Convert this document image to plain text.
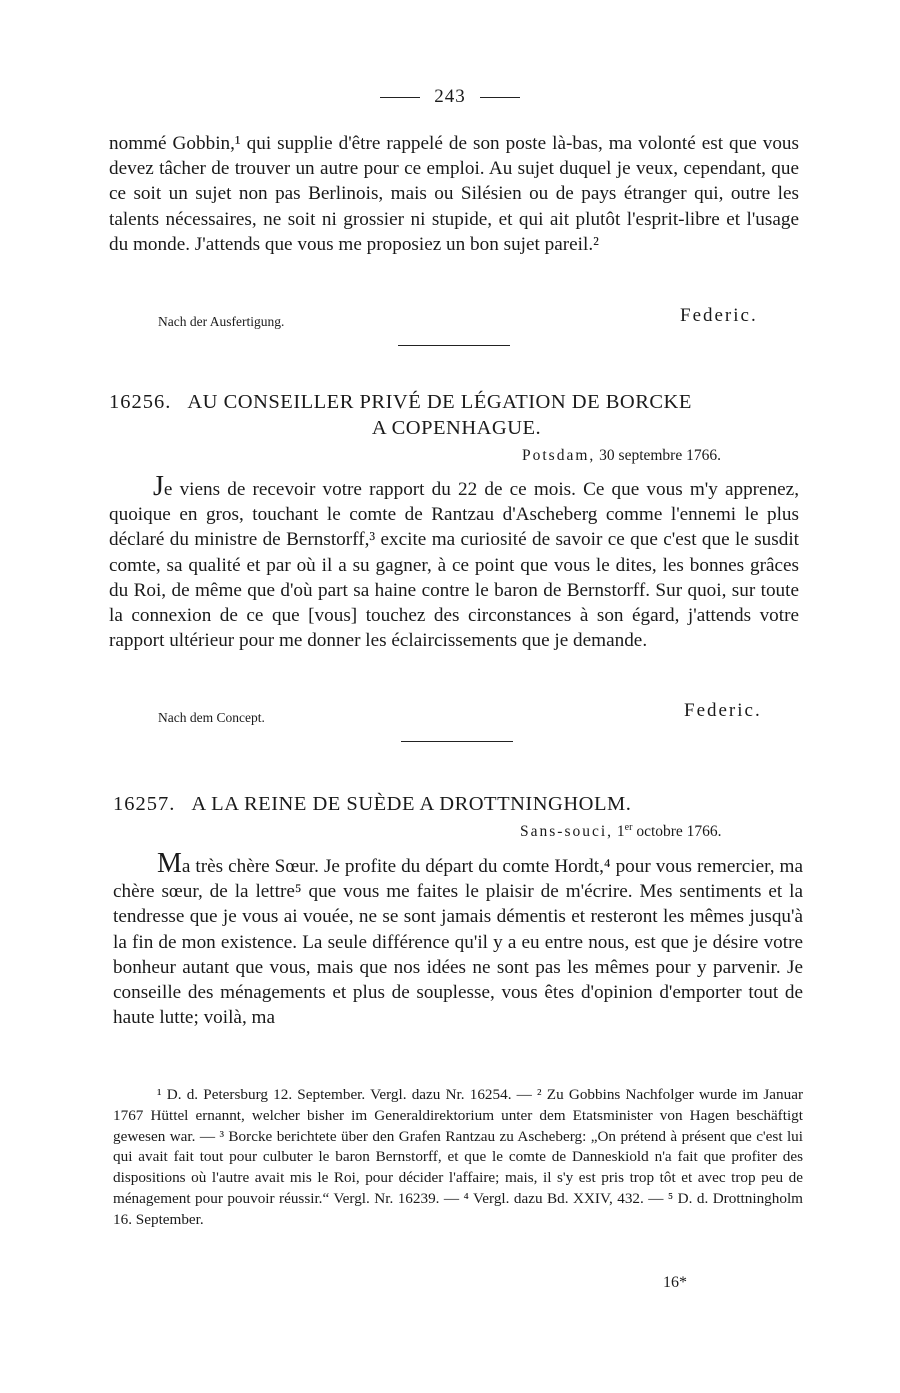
243

nommé Gobbin,¹ qui supplie d'être rappelé de son poste là-bas, ma volonté est que vous devez tâcher de trouver un autre pour ce emploi. Au sujet duquel je veux, cependant, que ce soit un sujet non pas Berlinois, mais ou Silésien ou de pays étranger qui, outre les talents nécessaires, ne soit ni grossier ni stupide, et qui ait plutôt l'esprit-libre et l'usage du monde. J'attends que vous me proposiez un bon sujet pareil.²

Nach der Ausfertigung.	Federic.
16256. AU CONSEILLER PRIVÉ DE LÉGATION DE BORCKE
A COPENHAGUE.
Potsdam, 30 septembre 1766.

Je viens de recevoir votre rapport du 22 de ce mois. Ce que vous m'y apprenez, quoique en gros, touchant le comte de Rantzau d'Ascheberg comme l'ennemi le plus déclaré du ministre de Bernstorff,³ excite ma curiosité de savoir ce que c'est que le susdit comte, sa qualité et par où il a su gagner, à ce point que vous le dites, les bonnes grâces du Roi, de même que d'où part sa haine contre le baron de Bernstorff. Sur quoi, sur toute la connexion de ce que [vous] touchez des circonstances à son égard, j'attends votre rapport ultérieur pour me donner les éclaircissements que je demande.

Nach dem Concept.	Federic.
16257. A LA REINE DE SUÈDE A DROTTNINGHOLM.
Sans-souci, 1er octobre 1766.

Ma très chère Sœur. Je profite du départ du comte Hordt,⁴ pour vous remercier, ma chère sœur, de la lettre⁵ que vous me faites le plaisir de m'écrire. Mes sentiments et la tendresse que je vous ai vouée, ne se sont jamais démentis et resteront les mêmes jusqu'à la fin de mon existence. La seule différence qu'il y a eu entre nous, est que je désire votre bonheur autant que vous, mais que nos idées ne sont pas les mêmes pour y parvenir. Je conseille des ménagements et plus de souplesse, vous êtes d'opinion d'emporter tout de haute lutte; voilà, ma

¹ D. d. Petersburg 12. September. Vergl. dazu Nr. 16254. — ² Zu Gobbins Nachfolger wurde im Januar 1767 Hüttel ernannt, welcher bisher im Generaldirektorium unter dem Etatsminister von Hagen beschäftigt gewesen war. — ³ Borcke berichtete über den Grafen Rantzau zu Ascheberg: „On prétend à présent que c'est lui qui avait fait tout pour culbuter le baron Bernstorff, et que le comte de Danneskiold n'a fait que profiter des dispositions où l'autre avait mis le Roi, pour décider l'affaire; mais, il s'y est pris trop tôt et avec trop peu de ménagement pour pouvoir réussir.“ Vergl. Nr. 16239. — ⁴ Vergl. dazu Bd. XXIV, 432. — ⁵ D. d. Drottningholm 16. September.

16*
